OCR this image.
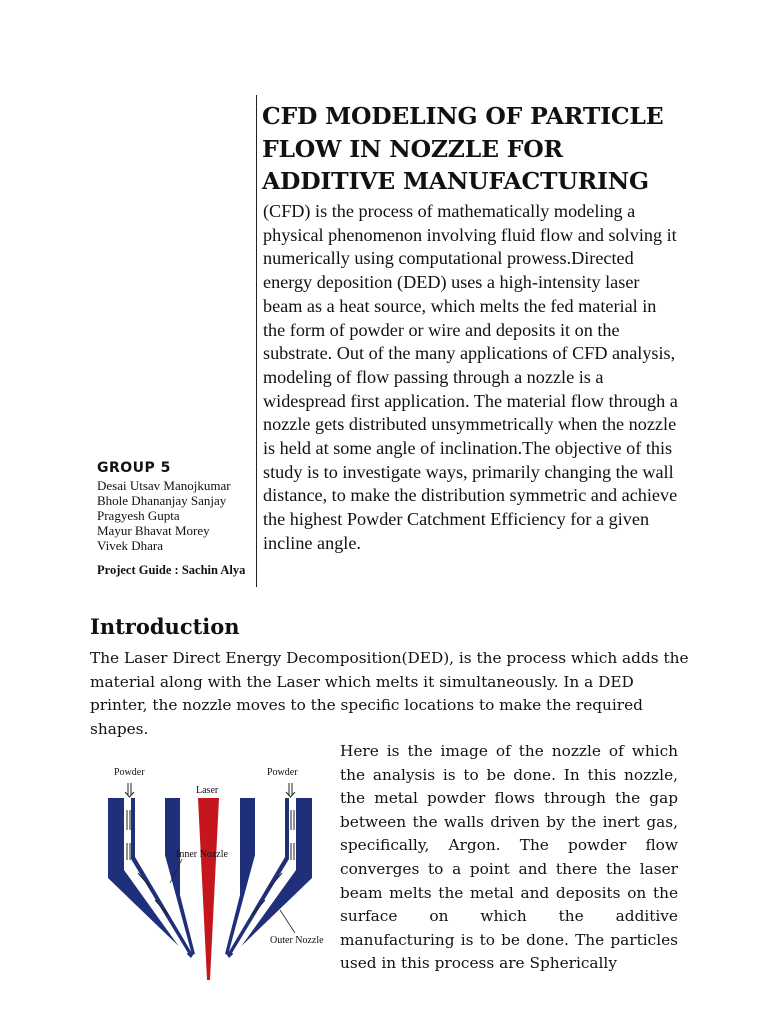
CFD MODELING OF PARTICLE FLOW IN NOZZLE FOR ADDITIVE MANUFACTURING

(CFD) is the process of mathematically modeling a physical phenomenon involving fluid flow and solving it numerically using computational prowess.Directed energy deposition (DED) uses a high-intensity laser beam as a heat source, which melts the fed material in the form of powder or wire and deposits it on the substrate. Out of the many applications of CFD analysis, modeling of flow passing through a nozzle is a widespread first application. The material flow through a nozzle gets distributed unsymmetrically when the nozzle is held at some angle of inclination.The objective of this study is to investigate ways, primarily changing the wall distance, to make the distribution symmetric and achieve the highest Powder Catchment Efficiency for a given incline angle.

GROUP 5
Desai Utsav Manojkumar
Bhole Dhananjay Sanjay
Pragyesh Gupta
Mayur Bhavat Morey
Vivek Dhara
Project Guide : Sachin Alya
Introduction

The Laser Direct Energy Decomposition(DED), is the process which adds the material along with the Laser which melts it simultaneously. In a DED printer, the nozzle moves to the specific locations to make the required shapes.

Powder	Powder
Laser
Inner Nozzle
Outer Nozzle

Here is the image of the nozzle of which the analysis is to be done. In this nozzle, the metal powder flows through the gap between the walls driven by the inert gas, specifically, Argon. The powder flow converges to a point and there the laser beam melts the metal and deposits on the surface on which the additive manufacturing is to be done. The particles used in this process are Spherically
